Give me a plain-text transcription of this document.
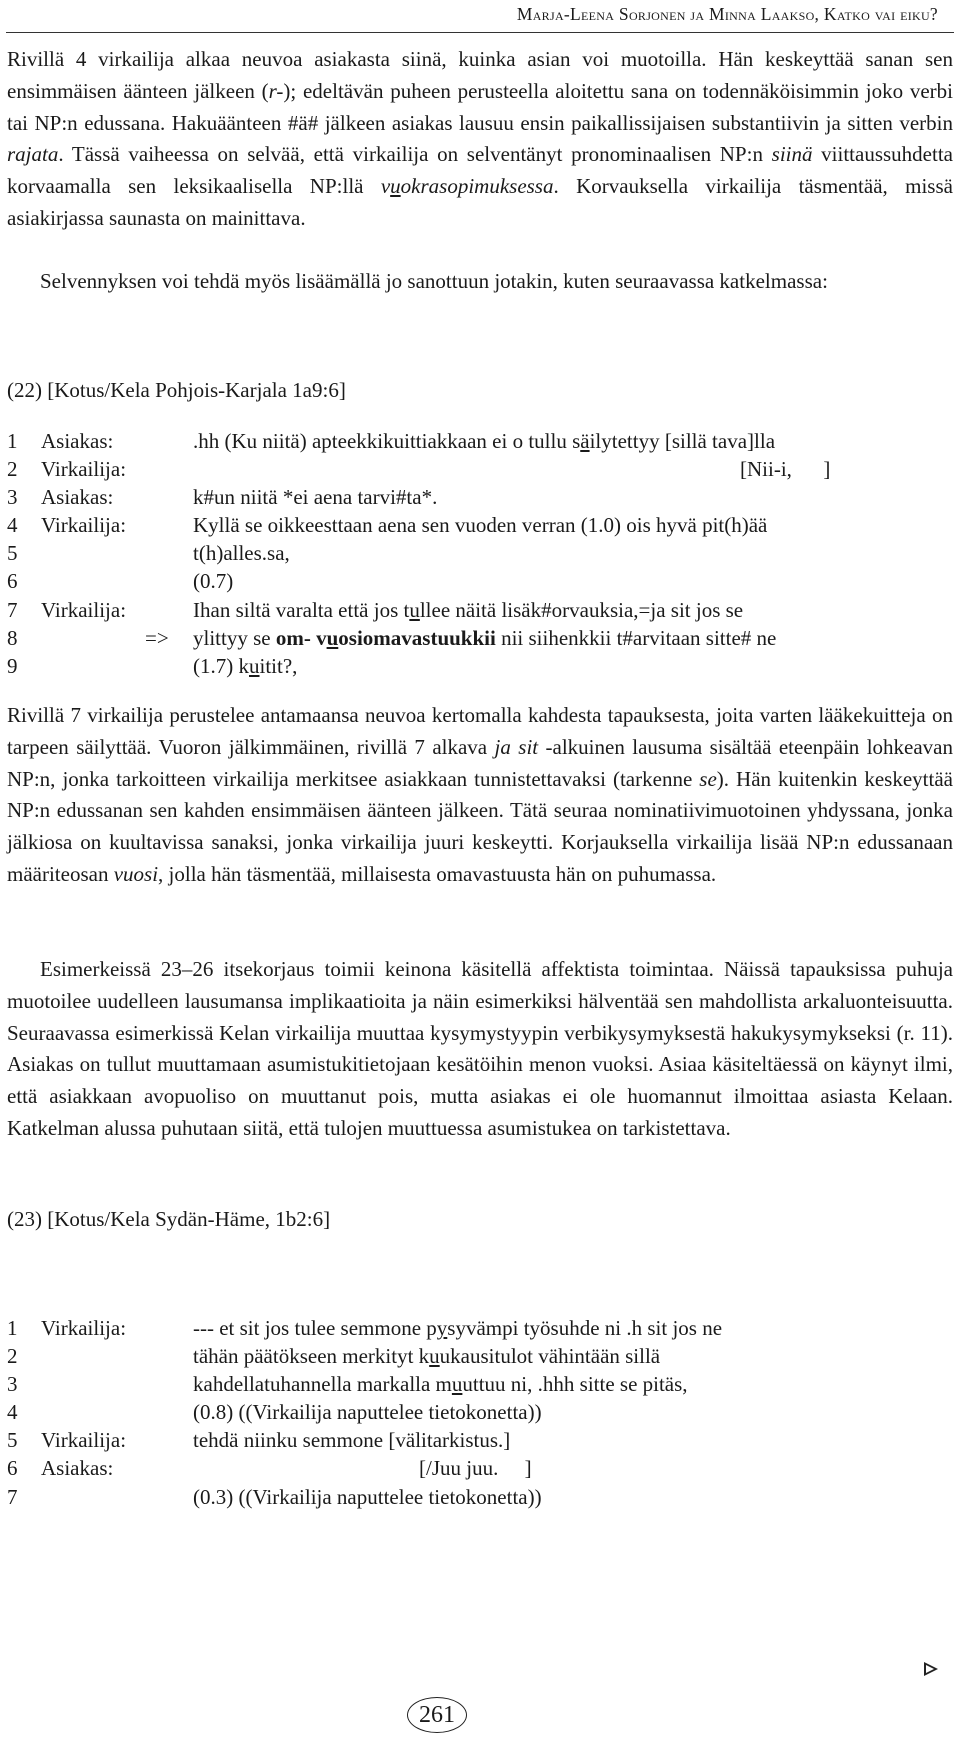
Marja-Leena Sorjonen ja Minna Laakso, Katko vai eiku?

Rivillä 4 virkailija alkaa neuvoa asiakasta siinä, kuinka asian voi muotoilla. Hän keskeyttää sanan sen ensimmäisen äänteen jälkeen (r-); edeltävän puheen perusteella aloitettu sana on todennäköisimmin joko verbi tai NP:n edussana. Hakuäänteen #ä# jälkeen asiakas lausuu ensin paikallissijaisen substantiivin ja sitten verbin rajata. Tässä vaiheessa on selvää, että virkailija on selventänyt pronominaalisen NP:n siinä viittaussuhdetta korvaamalla sen leksikaalisella NP:llä vuokrasopimuksessa. Korvauksella virkailija täsmentää, missä asiakirjassa saunasta on mainittava.

Selvennyksen voi tehdä myös lisäämällä jo sanottuun jotakin, kuten seuraavassa katkelmassa:

(22) [Kotus/Kela Pohjois-Karjala 1a9:6]

1 Asiakas:	.hh (Ku niitä) apteekkikuittiakkaan ei o tullu säilytettyy [sillä tava]lla
2 Virkailija:	[Nii-i,      ]
3 Asiakas:	k#un niitä *ei aena tarvi#ta*.
4 Virkailija:	Kyllä se oikkeesttaan aena sen vuoden verran (1.0) ois hyvä pit(h)ää
5	t(h)alles.sa,
6	(0.7)
7 Virkailija:	Ihan siltä varalta että jos tullee näitä lisäk#orvauksia,=ja sit jos se
8	=> ylittyy se om- vuosiomavastuukkii nii siihenkkii t#arvitaan sitte# ne
9	(1.7) kuitit?,

Rivillä 7 virkailija perustelee antamaansa neuvoa kertomalla kahdesta tapauksesta, joita varten lääkekuitteja on tarpeen säilyttää. Vuoron jälkimmäinen, rivillä 7 alkava ja sit -alkuinen lausuma sisältää eteenpäin lohkeavan NP:n, jonka tarkoitteen virkailija merkitsee asiakkaan tunnistettavaksi (tarkenne se). Hän kuitenkin keskeyttää NP:n edussanan sen kahden ensimmäisen äänteen jälkeen. Tätä seuraa nominatiivimuotoinen yhdyssana, jonka jälkiosa on kuultavissa sanaksi, jonka virkailija juuri keskeytti. Korjauksella virkailija lisää NP:n edussanaan määriteosan vuosi, jolla hän täsmentää, millaisesta omavastuusta hän on puhumassa.

Esimerkeissä 23–26 itsekorjaus toimii keinona käsitellä affektista toimintaa. Näissä tapauksissa puhuja muotoilee uudelleen lausumansa implikaatioita ja näin esimerkiksi hälventää sen mahdollista arkaluonteisuutta. Seuraavassa esimerkissä Kelan virkailija muuttaa kysymystyypin verbikysymyksestä hakukysymykseksi (r. 11). Asiakas on tullut muuttamaan asumistukitietojaan kesätöihin menon vuoksi. Asiaa käsiteltäessä on käynyt ilmi, että asiakkaan avopuoliso on muuttanut pois, mutta asiakas ei ole huomannut ilmoittaa asiasta Kelaan. Katkelman alussa puhutaan siitä, että tulojen muuttuessa asumistukea on tarkistettava.

(23) [Kotus/Kela Sydän-Häme, 1b2:6]

1 Virkailija:	--- et sit jos tulee semmone pysyvämpi työsuhde ni .h sit jos ne
2	tähän päätökseen merkityt kuukausitulot vähintään sillä
3	kahdellatuhannella markalla muuttuu ni, .hhh sitte se pitäs,
4	(0.8) ((Virkailija naputtelee tietokonetta))
5 Virkailija:	tehdä niinku semmone [välitarkistus.]
6 Asiakas:	[/Juu juu.     ]
7	(0.3) ((Virkailija naputtelee tietokonetta))
261
